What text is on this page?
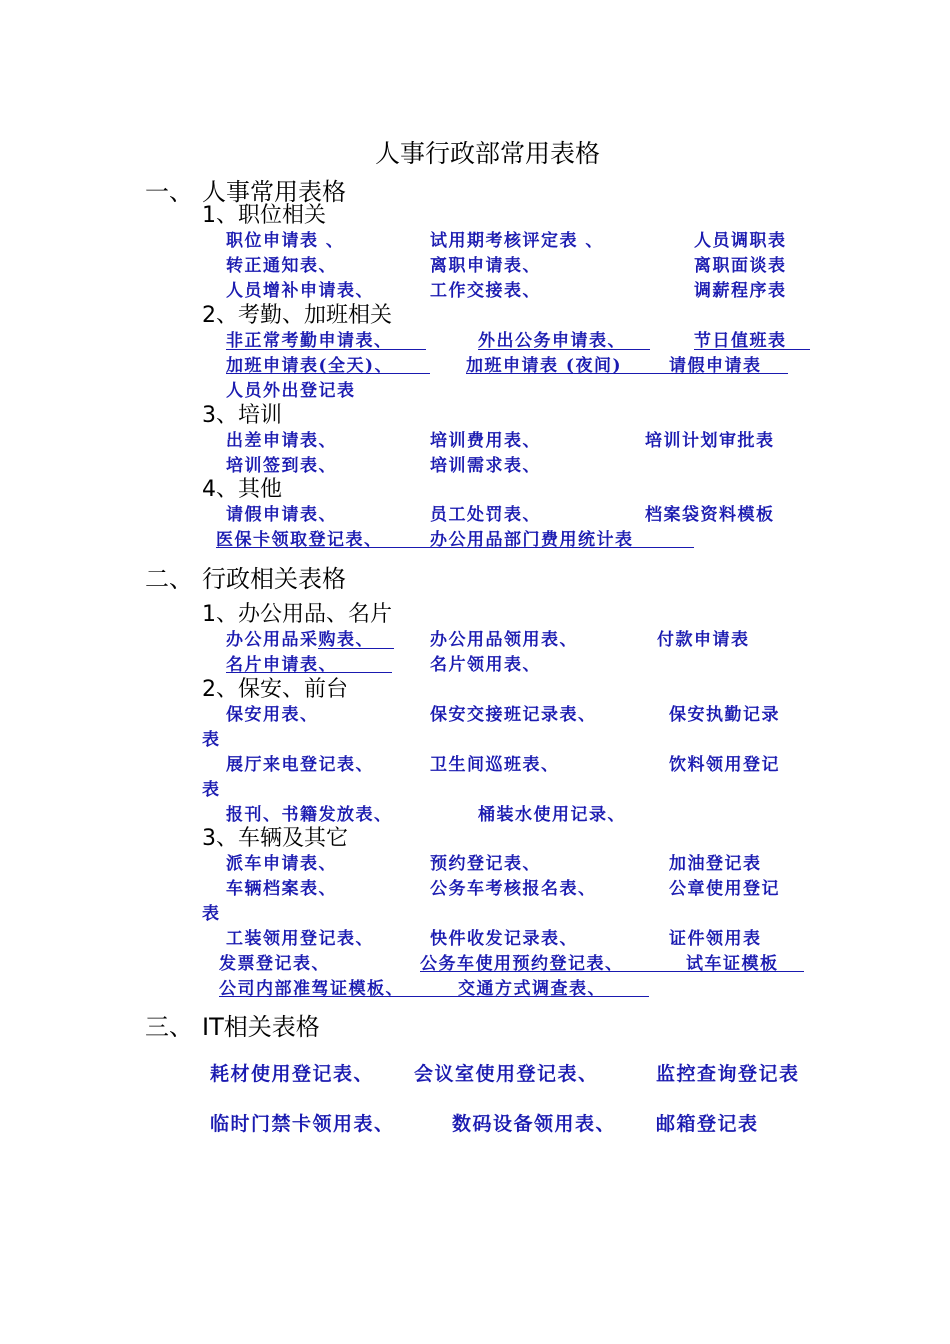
人事行政部常用表格
一、 人事常用表格
1、职位相关
职位申请表 、	试用期考核评定表 、	人员调职表
转正通知表、	离职申请表、	离职面谈表
人员增补申请表、	工作交接表、	调薪程序表
2、考勤、加班相关
非正常考勤申请表、	外出公务申请表、	节日值班表
加班申请表(全天)、	加班申请表 (夜间)	请假申请表
人员外出登记表
3、培训
出差申请表、	培训费用表、	培训计划审批表
培训签到表、	培训需求表、
4、其他
请假申请表、	员工处罚表、	档案袋资料模板
医保卡领取登记表、	办公用品部门费用统计表
二、 行政相关表格
1、办公用品、名片
办公用品采购表、	办公用品领用表、	付款申请表
名片申请表、	名片领用表、
2、保安、前台
保安用表、	保安交接班记录表、	保安执勤记录
表
展厅来电登记表、	卫生间巡班表、	饮料领用登记
表
报刊、书籍发放表、	桶装水使用记录、
3、车辆及其它
派车申请表、	预约登记表、	加油登记表
车辆档案表、	公务车考核报名表、	公章使用登记
表
工装领用登记表、	快件收发记录表、	证件领用表
发票登记表、	公务车使用预约登记表、	试车证模板
公司内部准驾证模板、	交通方式调查表、
三、 IT相关表格
耗材使用登记表、 会议室使用登记表、	监控查询登记表
临时门禁卡领用表、	数码设备领用表、 邮箱登记表
